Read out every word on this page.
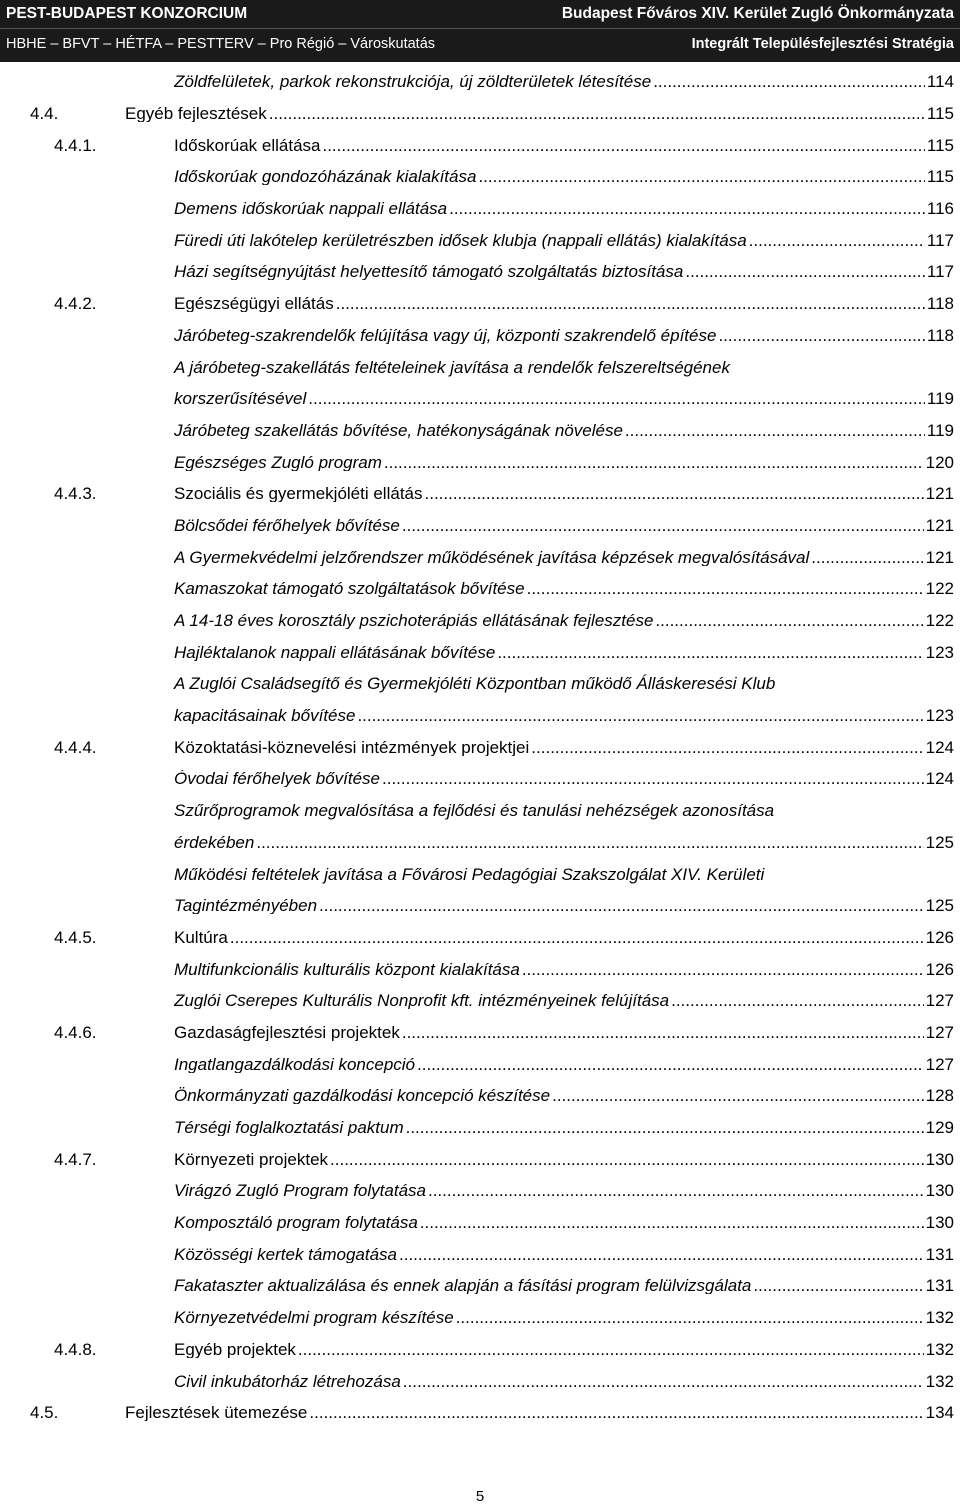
PEST-BUDAPEST KONZORCIUM	Budapest Főváros XIV. Kerület Zugló Önkormányzata
HBHE – BFVT – HÉTFA – PESTTERV – Pro Régió – Városkutatás	Integrált Településfejlesztési Stratégia
Zöldfelületek, parkok rekonstrukciója, új zöldterületek létesítése .....	114
4.4.	Egyéb fejlesztések .....	115
4.4.1.	Időskorúak ellátása .....	115
Időskorúak gondozóházának kialakítása .....	115
Demens időskorúak nappali ellátása .....	116
Füredi úti lakótelep kerületrészben idősek klubja (nappali ellátás) kialakítása .....	117
Házi segítségnyújtást helyettesítő támogató szolgáltatás biztosítása .....	117
4.4.2.	Egészségügyi ellátás .....	118
Járóbeteg-szakrendelők felújítása vagy új, központi szakrendelő építése .....	118
A járóbeteg-szakellátás feltételeinek javítása a rendelők felszereltségének
korszerűsítésével .....	119
Járóbeteg szakellátás bővítése, hatékonyságának növelése .....	119
Egészséges Zugló program .....	120
4.4.3.	Szociális és gyermekjóléti ellátás .....	121
Bölcsődei férőhelyek bővítése .....	121
A Gyermekvédelmi jelzőrendszer működésének javítása képzések megvalósításával .....	121
Kamaszokat támogató szolgáltatások bővítése .....	122
A 14-18 éves korosztály pszichoterápiás ellátásának fejlesztése .....	122
Hajléktalanok nappali ellátásának bővítése .....	123
A Zuglói Családsegítő és Gyermekjóléti Központban működő Álláskeresési Klub
kapacitásainak bővítése .....	123
4.4.4.	Közoktatási-köznevelési intézmények projektjei .....	124
Óvodai férőhelyek bővítése .....	124
Szűrőprogramok megvalósítása a fejlődési és tanulási nehézségek azonosítása
érdekében .....	125
Működési feltételek javítása a Fővárosi Pedagógiai Szakszolgálat XIV. Kerületi
Tagintézményében .....	125
4.4.5.	Kultúra .....	126
Multifunkcionális kulturális központ kialakítása .....	126
Zuglói Cserepes Kulturális Nonprofit kft. intézményeinek felújítása .....	127
4.4.6.	Gazdaságfejlesztési projektek .....	127
Ingatlangazdálkodási koncepció .....	127
Önkormányzati gazdálkodási koncepció készítése .....	128
Térségi foglalkoztatási paktum .....	129
4.4.7.	Környezeti projektek .....	130
Virágzó Zugló Program folytatása .....	130
Komposztáló program folytatása .....	130
Közösségi kertek támogatása .....	131
Fakataszter aktualizálása és ennek alapján a fásítási program felülvizsgálata .....	131
Környezetvédelmi program készítése .....	132
4.4.8.	Egyéb projektek .....	132
Civil inkubátorház létrehozása .....	132
4.5.	Fejlesztések ütemezése .....	134
5
